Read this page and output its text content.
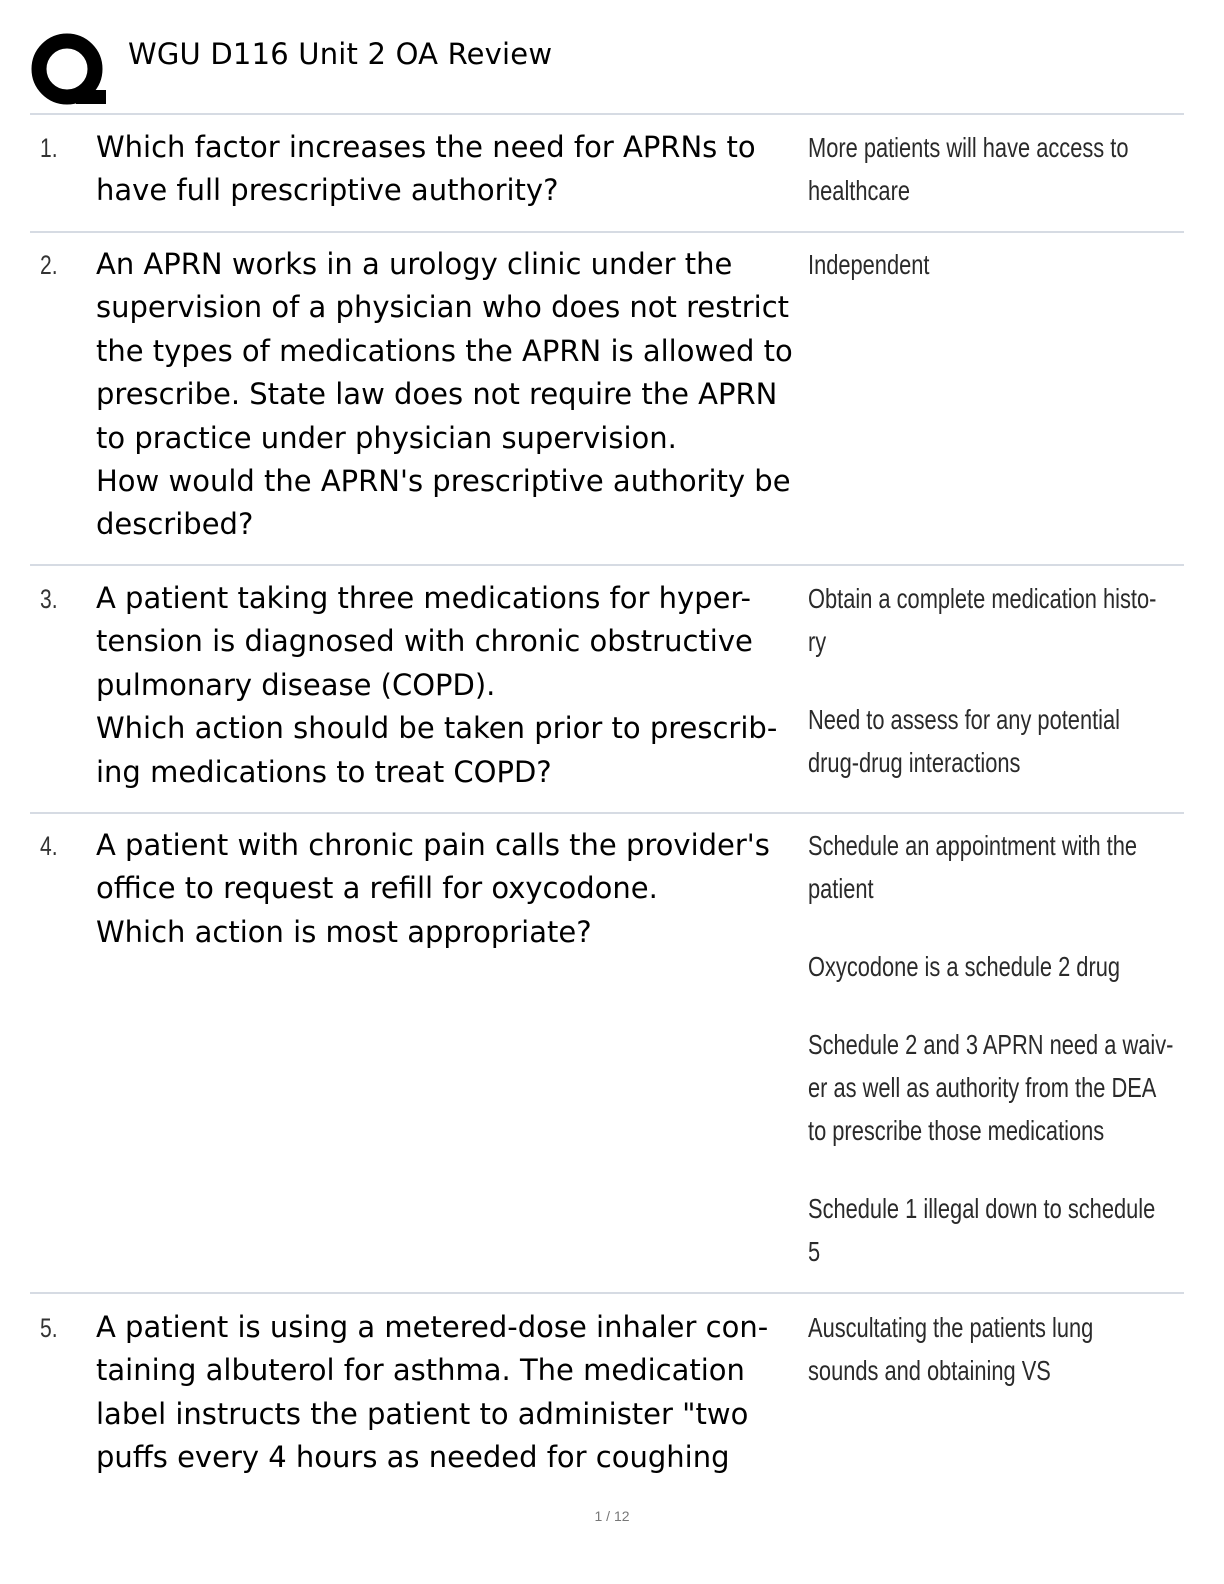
WGU D116 Unit 2 OA Review
1. Which factor increases the need for APRNs to
have full prescriptive authority?
More patients will have access to
healthcare
2. An APRN works in a urology clinic under the
supervision of a physician who does not restrict
the types of medications the APRN is allowed to
prescribe. State law does not require the APRN
to practice under physician supervision.
How would the APRN's prescriptive authority be
described?
Independent
3. A patient taking three medications for hyper-
tension is diagnosed with chronic obstructive
pulmonary disease (COPD).
Which action should be taken prior to prescrib-
ing medications to treat COPD?
Obtain a complete medication histo-
ry
Need to assess for any potential
drug-drug interactions
4. A patient with chronic pain calls the provider's
office to request a refill for oxycodone.
Which action is most appropriate?
Schedule an appointment with the
patient
Oxycodone is a schedule 2 drug
Schedule 2 and 3 APRN need a waiv-
er as well as authority from the DEA
to prescribe those medications
Schedule 1 illegal down to schedule
5
5. A patient is using a metered-dose inhaler con-
taining albuterol for asthma. The medication
label instructs the patient to administer "two
puffs every 4 hours as needed for coughing
Auscultating the patients lung
sounds and obtaining VS
1 / 12
